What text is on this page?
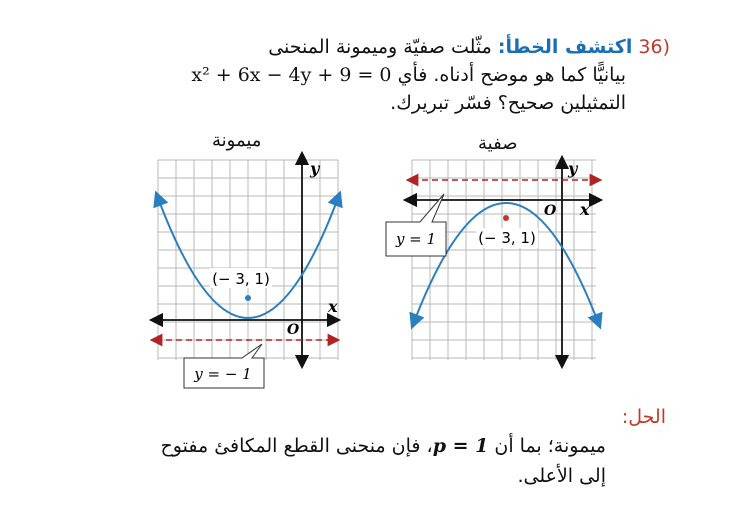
(36 اكتشف الخطأ: مثّلت صفيّة وميمونة المنحنى
بيانيًّا كما هو موضح أدناه. فأي x² + 6x − 4y + 9 = 0
التمثيلين صحيح؟ فسّر تبريرك.
ميمونة	صفية
(− 3, 1)
x
y
O
y = − 1
(− 3, 1)
x
y
O
y = 1
الحل:
ميمونة؛ بما أن p = 1، فإن منحنى القطع المكافئ مفتوح
إلى الأعلى.
